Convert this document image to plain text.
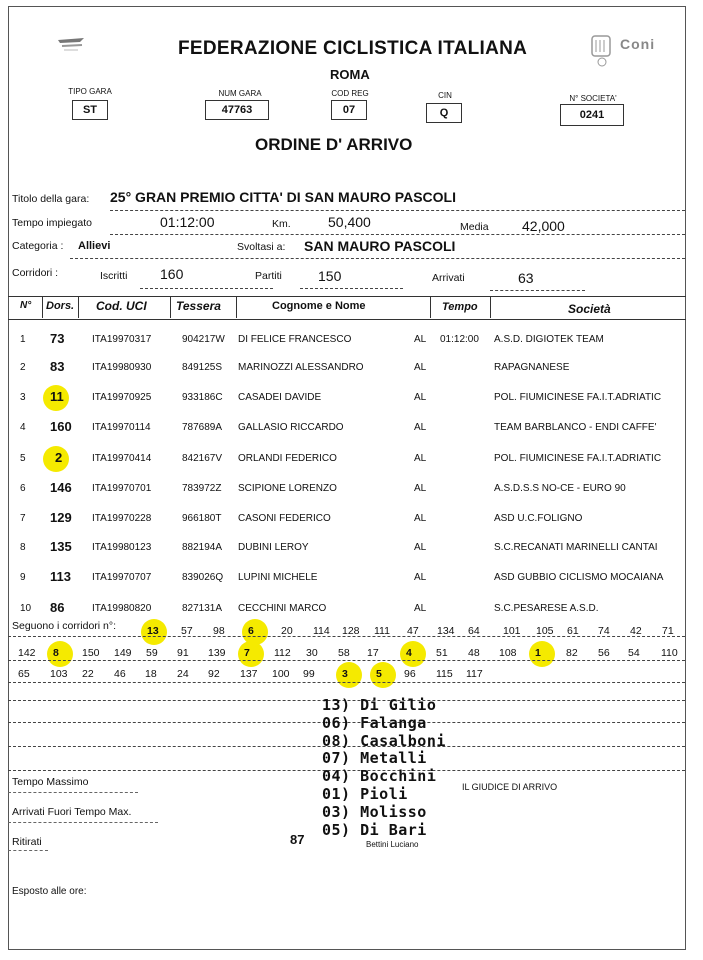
FEDERAZIONE CICLISTICA ITALIANA
ROMA
Coni
TIPO GARA
ST
NUM GARA
47763
COD REG
07
CIN
Q
N° SOCIETA'
0241
ORDINE D' ARRIVO
Titolo della gara: 25° GRAN PREMIO CITTA' DI SAN MAURO PASCOLI
Tempo impiegato	01:12:00	Km.	50,400	Media 42,000
Categoria : Allievi	Svoltasi a: SAN MAURO PASCOLI
Corridori :	Iscritti 160	Partiti	150	Arrivati	63
N° Dors. Cod. UCI Tessera	Cognome e Nome	Tempo	Società
1 73	ITA19970317	904217W DI FELICE FRANCESCO	AL 01:12:00 A.S.D. DIGIOTEK TEAM
2 83	ITA19980930	849125S MARINOZZI ALESSANDRO	AL	RAPAGNANESE
3 11	ITA19970925	933186C CASADEI DAVIDE	AL	POL. FIUMICINESE FA.I.T.ADRIATIC
4 160 ITA19970114	787689A GALLASIO RICCARDO	AL	TEAM BARBLANCO - ENDI CAFFE'
5 2	ITA19970414	842167V ORLANDI FEDERICO	AL	POL. FIUMICINESE FA.I.T.ADRIATIC
6 146 ITA19970701	783972Z SCIPIONE LORENZO	AL	A.S.D.S.S NO-CE - EURO 90
7 129 ITA19970228	966180T CASONI FEDERICO	AL	ASD U.C.FOLIGNO
8 135 ITA19980123	882194A DUBINI LEROY	AL	S.C.RECANATI MARINELLI CANTAI
9 113 ITA19970707	839026Q LUPINI MICHELE	AL	ASD GUBBIO CICLISMO MOCAIANA
10 86	ITA19980820	827131A CECCHINI MARCO	AL	S.C.PESARESE A.S.D.
Seguono i corridori n°:	13 57 98 6	20 114 128 111 47 134 64 101 105 61 74 42 71
142 8 150 149 59 91 139 7 112 30 58 17	4 51 48 108 1 82 56 54 110
65 103 22 46 18 24 92 137 100 99	3	5 96 115 117
13) Di Gilio
06) Falanga
08) Casalboni
07) Metalli
04) Bocchini
01) Pioli
03) Molisso
05) Di Bari
Tempo Massimo
Arrivati Fuori Tempo Max.
Ritirati	87
IL GIUDICE DI ARRIVO
Bettini Luciano
Esposto alle ore:
